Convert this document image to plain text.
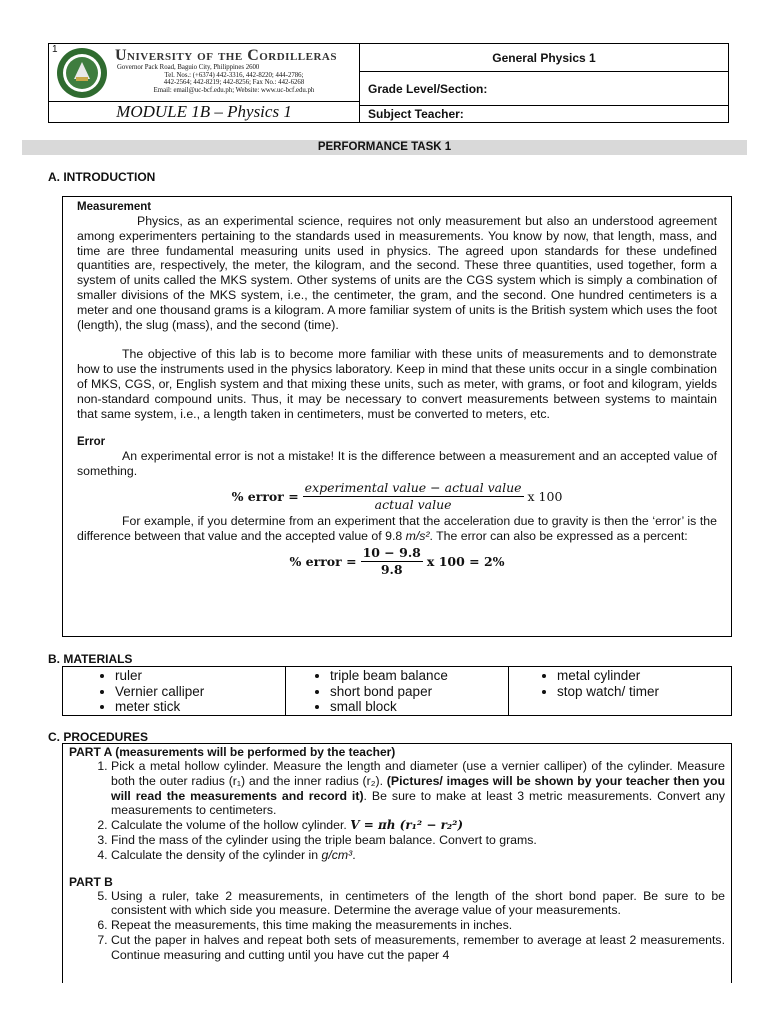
1	University of the Cordilleras
Governor Pack Road, Baguio City, Philippines 2600
Tel. Nos.: (+6374) 442-3316, 442-8220; 444-2786;
442-2564; 442-8219; 442-8256; Fax No.: 442-6268
Email: email@uc-bcf.edu.ph; Website: www.uc-bcf.edu.ph
MODULE 1B – Physics 1
General Physics 1
Grade Level/Section:
Subject Teacher:
PERFORMANCE TASK 1
A. INTRODUCTION

Measurement

Physics, as an experimental science, requires not only measurement but also an understood agreement among experimenters pertaining to the standards used in measurements. You know by now, that length, mass, and time are three fundamental measuring units used in physics. The agreed upon standards for these undefined quantities are, respectively, the meter, the kilogram, and the second. These three quantities, used together, form a system of units called the MKS system. Other systems of units are the CGS system which is simply a combination of smaller divisions of the MKS system, i.e., the centimeter, the gram, and the second. One hundred centimeters is a meter and one thousand grams is a kilogram. A more familiar system of units is the British system which uses the foot (length), the slug (mass), and the second (time).

The objective of this lab is to become more familiar with these units of measurements and to demonstrate how to use the instruments used in the physics laboratory. Keep in mind that these units occur in a single combination of MKS, CGS, or, English system and that mixing these units, such as meter, with grams, or foot and kilogram, yields non-standard compound units. Thus, it may be necessary to convert measurements between systems to maintain that same system, i.e., a length taken in centimeters, must be converted to meters, etc.

Error

An experimental error is not a mistake! It is the difference between a measurement and an accepted value of something.

% error = $\frac{\text{experimental value − actual value}}{\text{actual value}}$ x 100

For example, if you determine from an experiment that the acceleration due to gravity is then the ‘error’ is the difference between that value and the accepted value of 9.8 m/s². The error can also be expressed as a percent:

% error = $\frac{10 - 9.8}{9.8}$ x 100 = 2%
B. MATERIALS
• ruler
• Vernier calliper
• meter stick
• triple beam balance
• short bond paper
• small block
• metal cylinder
• stop watch/ timer
C. PROCEDURES

PART A (measurements will be performed by the teacher)

1. Pick a metal hollow cylinder. Measure the length and diameter (use a vernier calliper) of the cylinder. Measure both the outer radius (r₁) and the inner radius (r₂). (Pictures/ images will be shown by your teacher then you will read the measurements and record it). Be sure to make at least 3 metric measurements. Convert any measurements to centimeters.
2. Calculate the volume of the hollow cylinder. V = πh (r₁² − r₂²)
3. Find the mass of the cylinder using the triple beam balance. Convert to grams.
4. Calculate the density of the cylinder in g/cm³.

PART B

5. Using a ruler, take 2 measurements, in centimeters of the length of the short bond paper. Be sure to be consistent with which side you measure. Determine the average value of your measurements.
6. Repeat the measurements, this time making the measurements in inches.
7. Cut the paper in halves and repeat both sets of measurements, remember to average at least 2 measurements. Continue measuring and cutting until you have cut the paper 4
